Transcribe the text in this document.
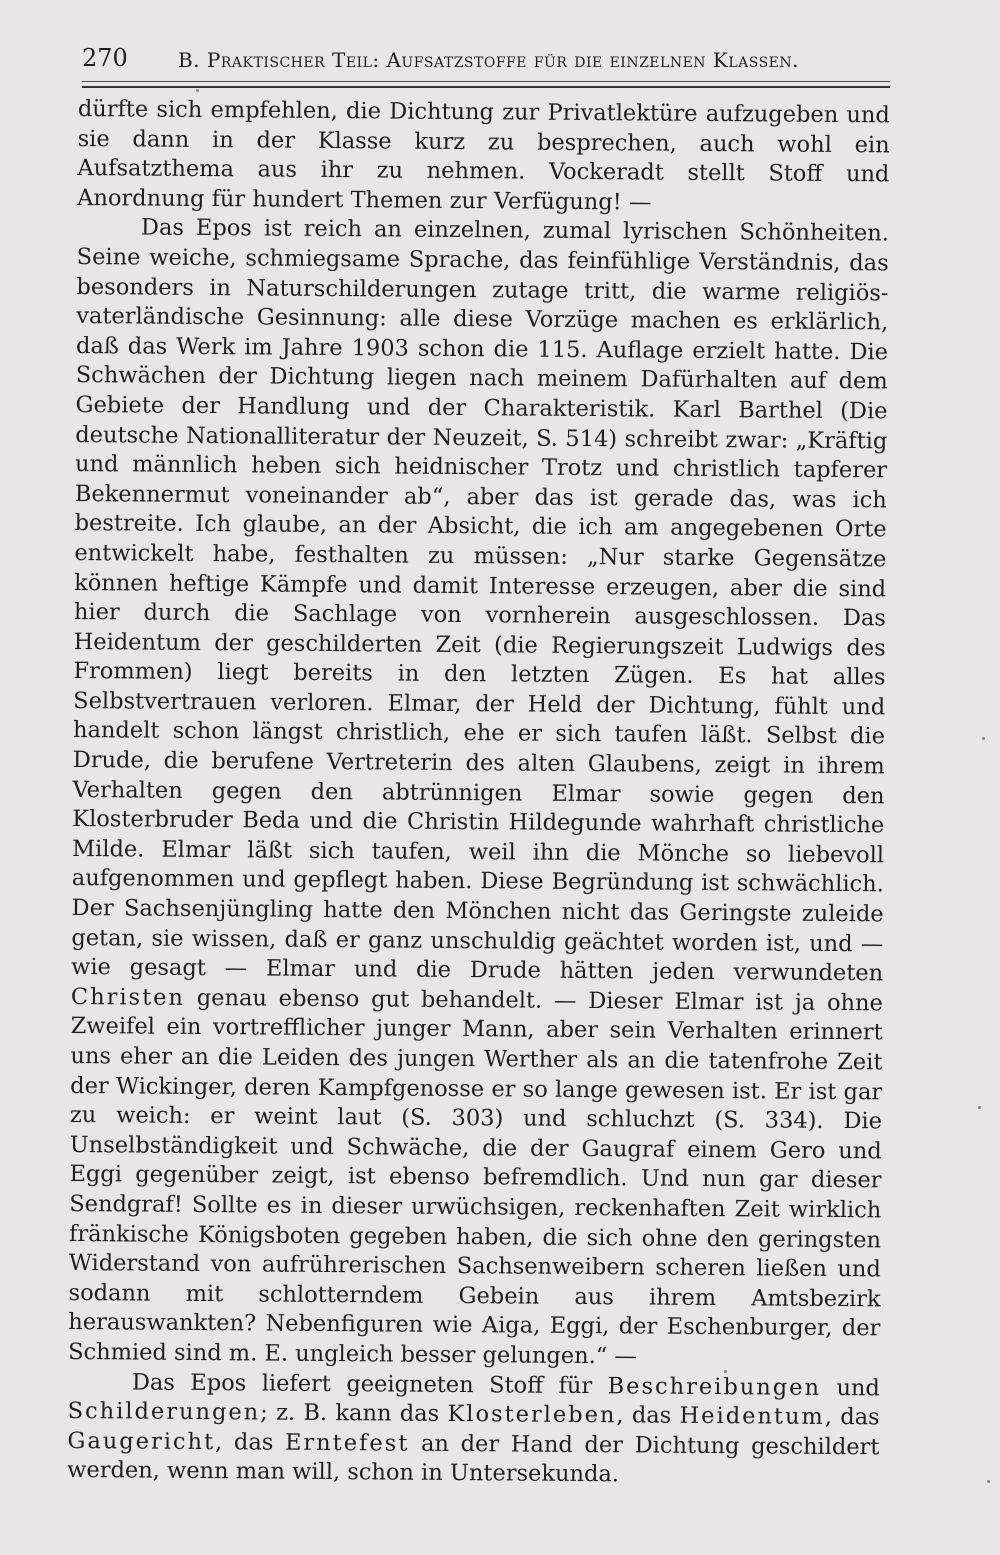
270	B. Praktischer Teil: Aufsatzstoffe für die einzelnen Klassen.

dürfte sich empfehlen, die Dichtung zur Privatlektüre aufzugeben und sie dann in der Klasse kurz zu besprechen, auch wohl ein Aufsatzthema aus ihr zu nehmen. Vockeradt stellt Stoff und Anordnung für hundert Themen zur Verfügung! —

Das Epos ist reich an einzelnen, zumal lyrischen Schönheiten. Seine weiche, schmiegsame Sprache, das feinfühlige Verständnis, das besonders in Naturschilderungen zutage tritt, die warme religiös-vaterländische Gesinnung: alle diese Vorzüge machen es erklärlich, daß das Werk im Jahre 1903 schon die 115. Auflage erzielt hatte. Die Schwächen der Dichtung liegen nach meinem Dafürhalten auf dem Gebiete der Handlung und der Charakteristik. Karl Barthel (Die deutsche Nationalliteratur der Neuzeit, S. 514) schreibt zwar: „Kräftig und männlich heben sich heidnischer Trotz und christlich tapferer Bekennermut voneinander ab“, aber das ist gerade das, was ich bestreite. Ich glaube, an der Absicht, die ich am angegebenen Orte entwickelt habe, festhalten zu müssen: „Nur starke Gegensätze können heftige Kämpfe und damit Interesse erzeugen, aber die sind hier durch die Sachlage von vornherein ausgeschlossen. Das Heidentum der geschilderten Zeit (die Regierungszeit Ludwigs des Frommen) liegt bereits in den letzten Zügen. Es hat alles Selbstvertrauen verloren. Elmar, der Held der Dichtung, fühlt und handelt schon längst christlich, ehe er sich taufen läßt. Selbst die Drude, die berufene Vertreterin des alten Glaubens, zeigt in ihrem Verhalten gegen den abtrünnigen Elmar sowie gegen den Klosterbruder Beda und die Christin Hildegunde wahrhaft christliche Milde. Elmar läßt sich taufen, weil ihn die Mönche so liebevoll aufgenommen und gepflegt haben. Diese Begründung ist schwächlich. Der Sachsenjüngling hatte den Mönchen nicht das Geringste zuleide getan, sie wissen, daß er ganz unschuldig geächtet worden ist, und — wie gesagt — Elmar und die Drude hätten jeden verwundeten Christen genau ebenso gut behandelt. — Dieser Elmar ist ja ohne Zweifel ein vortrefflicher junger Mann, aber sein Verhalten erinnert uns eher an die Leiden des jungen Werther als an die tatenfrohe Zeit der Wickinger, deren Kampfgenosse er so lange gewesen ist. Er ist gar zu weich: er weint laut (S. 303) und schluchzt (S. 334). Die Unselbständigkeit und Schwäche, die der Gaugraf einem Gero und Eggi gegenüber zeigt, ist ebenso befremdlich. Und nun gar dieser Sendgraf! Sollte es in dieser urwüchsigen, reckenhaften Zeit wirklich fränkische Königsboten gegeben haben, die sich ohne den geringsten Widerstand von aufrührerischen Sachsenweibern scheren ließen und sodann mit schlotterndem Gebein aus ihrem Amtsbezirk herauswankten? Nebenfiguren wie Aiga, Eggi, der Eschenburger, der Schmied sind m. E. ungleich besser gelungen.“ —

Das Epos liefert geeigneten Stoff für Beschreibungen und Schilderungen; z. B. kann das Klosterleben, das Heidentum, das Gaugericht, das Erntefest an der Hand der Dichtung geschildert werden, wenn man will, schon in Untersekunda.
